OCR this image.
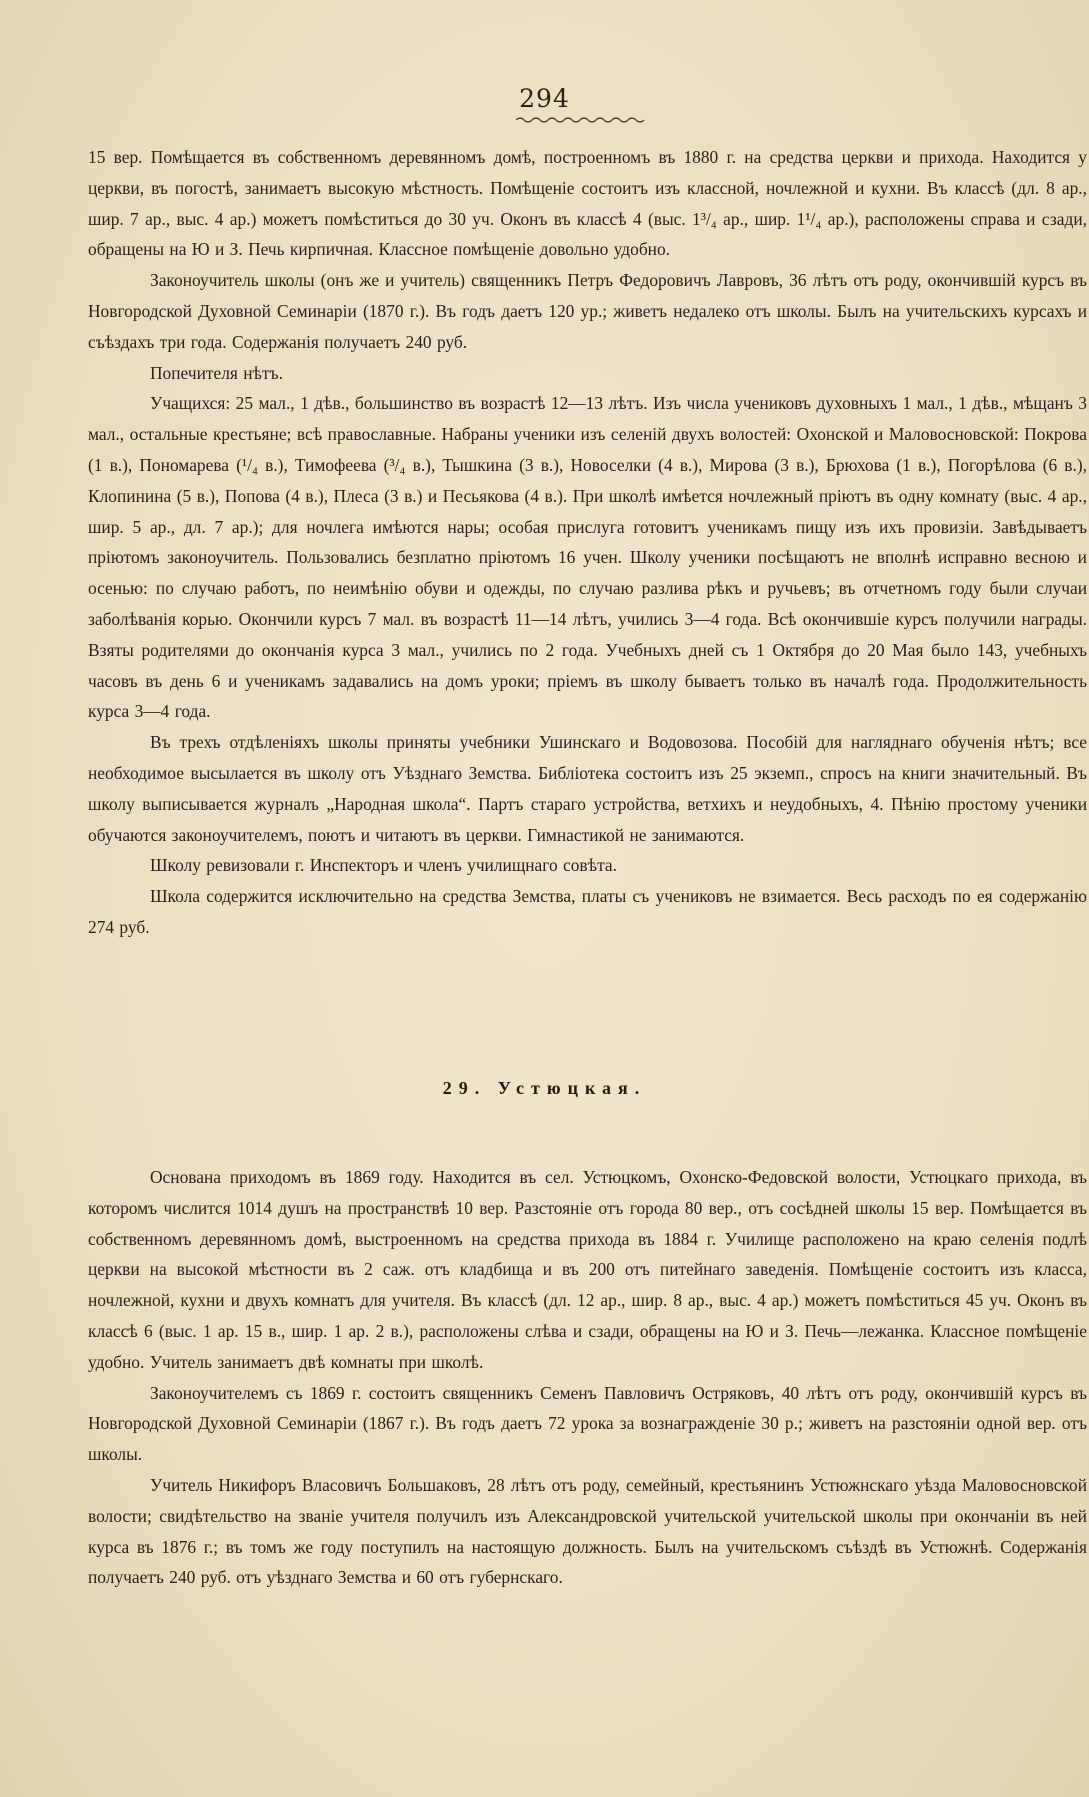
294

15 вер. Помѣщается въ собственномъ деревянномъ домѣ, построенномъ въ 1880 г. на средства церкви и прихода. Находится у церкви, въ погостѣ, занимаетъ высокую мѣстность. Помѣщеніе состоитъ изъ классной, ночлежной и кухни. Въ классѣ (дл. 8 ар., шир. 7 ар., выс. 4 ар.) можетъ помѣститься до 30 уч. Оконъ въ классѣ 4 (выс. 1³/₄ ар., шир. 1¹/₄ ар.), расположены справа и сзади, обращены на Ю и З. Печь кирпичная. Классное помѣщеніе довольно удобно.

Законоучитель школы (онъ же и учитель) священникъ Петръ Федоровичъ Лавровъ, 36 лѣтъ отъ роду, окончившій курсъ въ Новгородской Духовной Семинаріи (1870 г.). Въ годъ даетъ 120 ур.; живетъ недалеко отъ школы. Былъ на учительскихъ курсахъ и съѣздахъ три года. Содержанія получаетъ 240 руб.

Попечителя нѣтъ.

Учащихся: 25 мал., 1 дѣв., большинство въ возрастѣ 12—13 лѣтъ. Изъ числа учениковъ духовныхъ 1 мал., 1 дѣв., мѣщанъ 3 мал., остальные крестьяне; всѣ православные. Набраны ученики изъ селеній двухъ волостей: Охонской и Маловосновской: Покрова (1 в.), Пономарева (¹/₄ в.), Тимофеева (³/₄ в.), Тышкина (3 в.), Новоселки (4 в.), Мирова (3 в.), Брюхова (1 в.), Погорѣлова (6 в.), Клопинина (5 в.), Попова (4 в.), Плеса (3 в.) и Песьякова (4 в.). При школѣ имѣется ночлежный пріютъ въ одну комнату (выс. 4 ар., шир. 5 ар., дл. 7 ар.); для ночлега имѣются нары; особая прислуга готовитъ ученикамъ пищу изъ ихъ провизіи. Завѣдываетъ пріютомъ законоучитель. Пользовались безплатно пріютомъ 16 учен. Школу ученики посѣщаютъ не вполнѣ исправно весною и осенью: по случаю работъ, по неимѣнію обуви и одежды, по случаю разлива рѣкъ и ручьевъ; въ отчетномъ году были случаи заболѣванія корью. Окончили курсъ 7 мал. въ возрастѣ 11—14 лѣтъ, учились 3—4 года. Всѣ окончившіе курсъ получили награды. Взяты родителями до окончанія курса 3 мал., учились по 2 года. Учебныхъ дней съ 1 Октября до 20 Мая было 143, учебныхъ часовъ въ день 6 и ученикамъ задавались на домъ уроки; пріемъ въ школу бываетъ только въ началѣ года. Продолжительность курса 3—4 года.

Въ трехъ отдѣленіяхъ школы приняты учебники Ушинскаго и Водовозова. Пособій для нагляднаго обученія нѣтъ; все необходимое высылается въ школу отъ Уѣзднаго Земства. Библіотека состоитъ изъ 25 экземп., спросъ на книги значительный. Въ школу выписывается журналъ „Народная школа“. Партъ стараго устройства, ветхихъ и неудобныхъ, 4. Пѣнію простому ученики обучаются законоучителемъ, поютъ и читаютъ въ церкви. Гимнастикой не занимаются.

Школу ревизовали г. Инспекторъ и членъ училищнаго совѣта.

Школа содержится исключительно на средства Земства, платы съ учениковъ не взимается. Весь расходъ по ея содержанію 274 руб.

29. Устюцкая.

Основана приходомъ въ 1869 году. Находится въ сел. Устюцкомъ, Охонско-Федовской волости, Устюцкаго прихода, въ которомъ числится 1014 душъ на пространствѣ 10 вер. Разстояніе отъ города 80 вер., отъ сосѣдней школы 15 вер. Помѣщается въ собственномъ деревянномъ домѣ, выстроенномъ на средства прихода въ 1884 г. Училище расположено на краю селенія подлѣ церкви на высокой мѣстности въ 2 саж. отъ кладбища и въ 200 отъ питейнаго заведенія. Помѣщеніе состоитъ изъ класса, ночлежной, кухни и двухъ комнатъ для учителя. Въ классѣ (дл. 12 ар., шир. 8 ар., выс. 4 ар.) можетъ помѣститься 45 уч. Оконъ въ классѣ 6 (выс. 1 ар. 15 в., шир. 1 ар. 2 в.), расположены слѣва и сзади, обращены на Ю и З. Печь—лежанка. Классное помѣщеніе удобно. Учитель занимаетъ двѣ комнаты при школѣ.

Законоучителемъ съ 1869 г. состоитъ священникъ Семенъ Павловичъ Остряковъ, 40 лѣтъ отъ роду, окончившій курсъ въ Новгородской Духовной Семинаріи (1867 г.). Въ годъ даетъ 72 урока за вознагражденіе 30 р.; живетъ на разстояніи одной вер. отъ школы.

Учитель Никифоръ Власовичъ Большаковъ, 28 лѣтъ отъ роду, семейный, крестьянинъ Устюжнскаго уѣзда Маловосновской волости; свидѣтельство на званіе учителя получилъ изъ Александровской учительской учительской школы при окончаніи въ ней курса въ 1876 г.; въ томъ же году поступилъ на настоящую должность. Былъ на учительскомъ съѣздѣ въ Устюжнѣ. Содержанія получаетъ 240 руб. отъ уѣзднаго Земства и 60 отъ губернскаго.
